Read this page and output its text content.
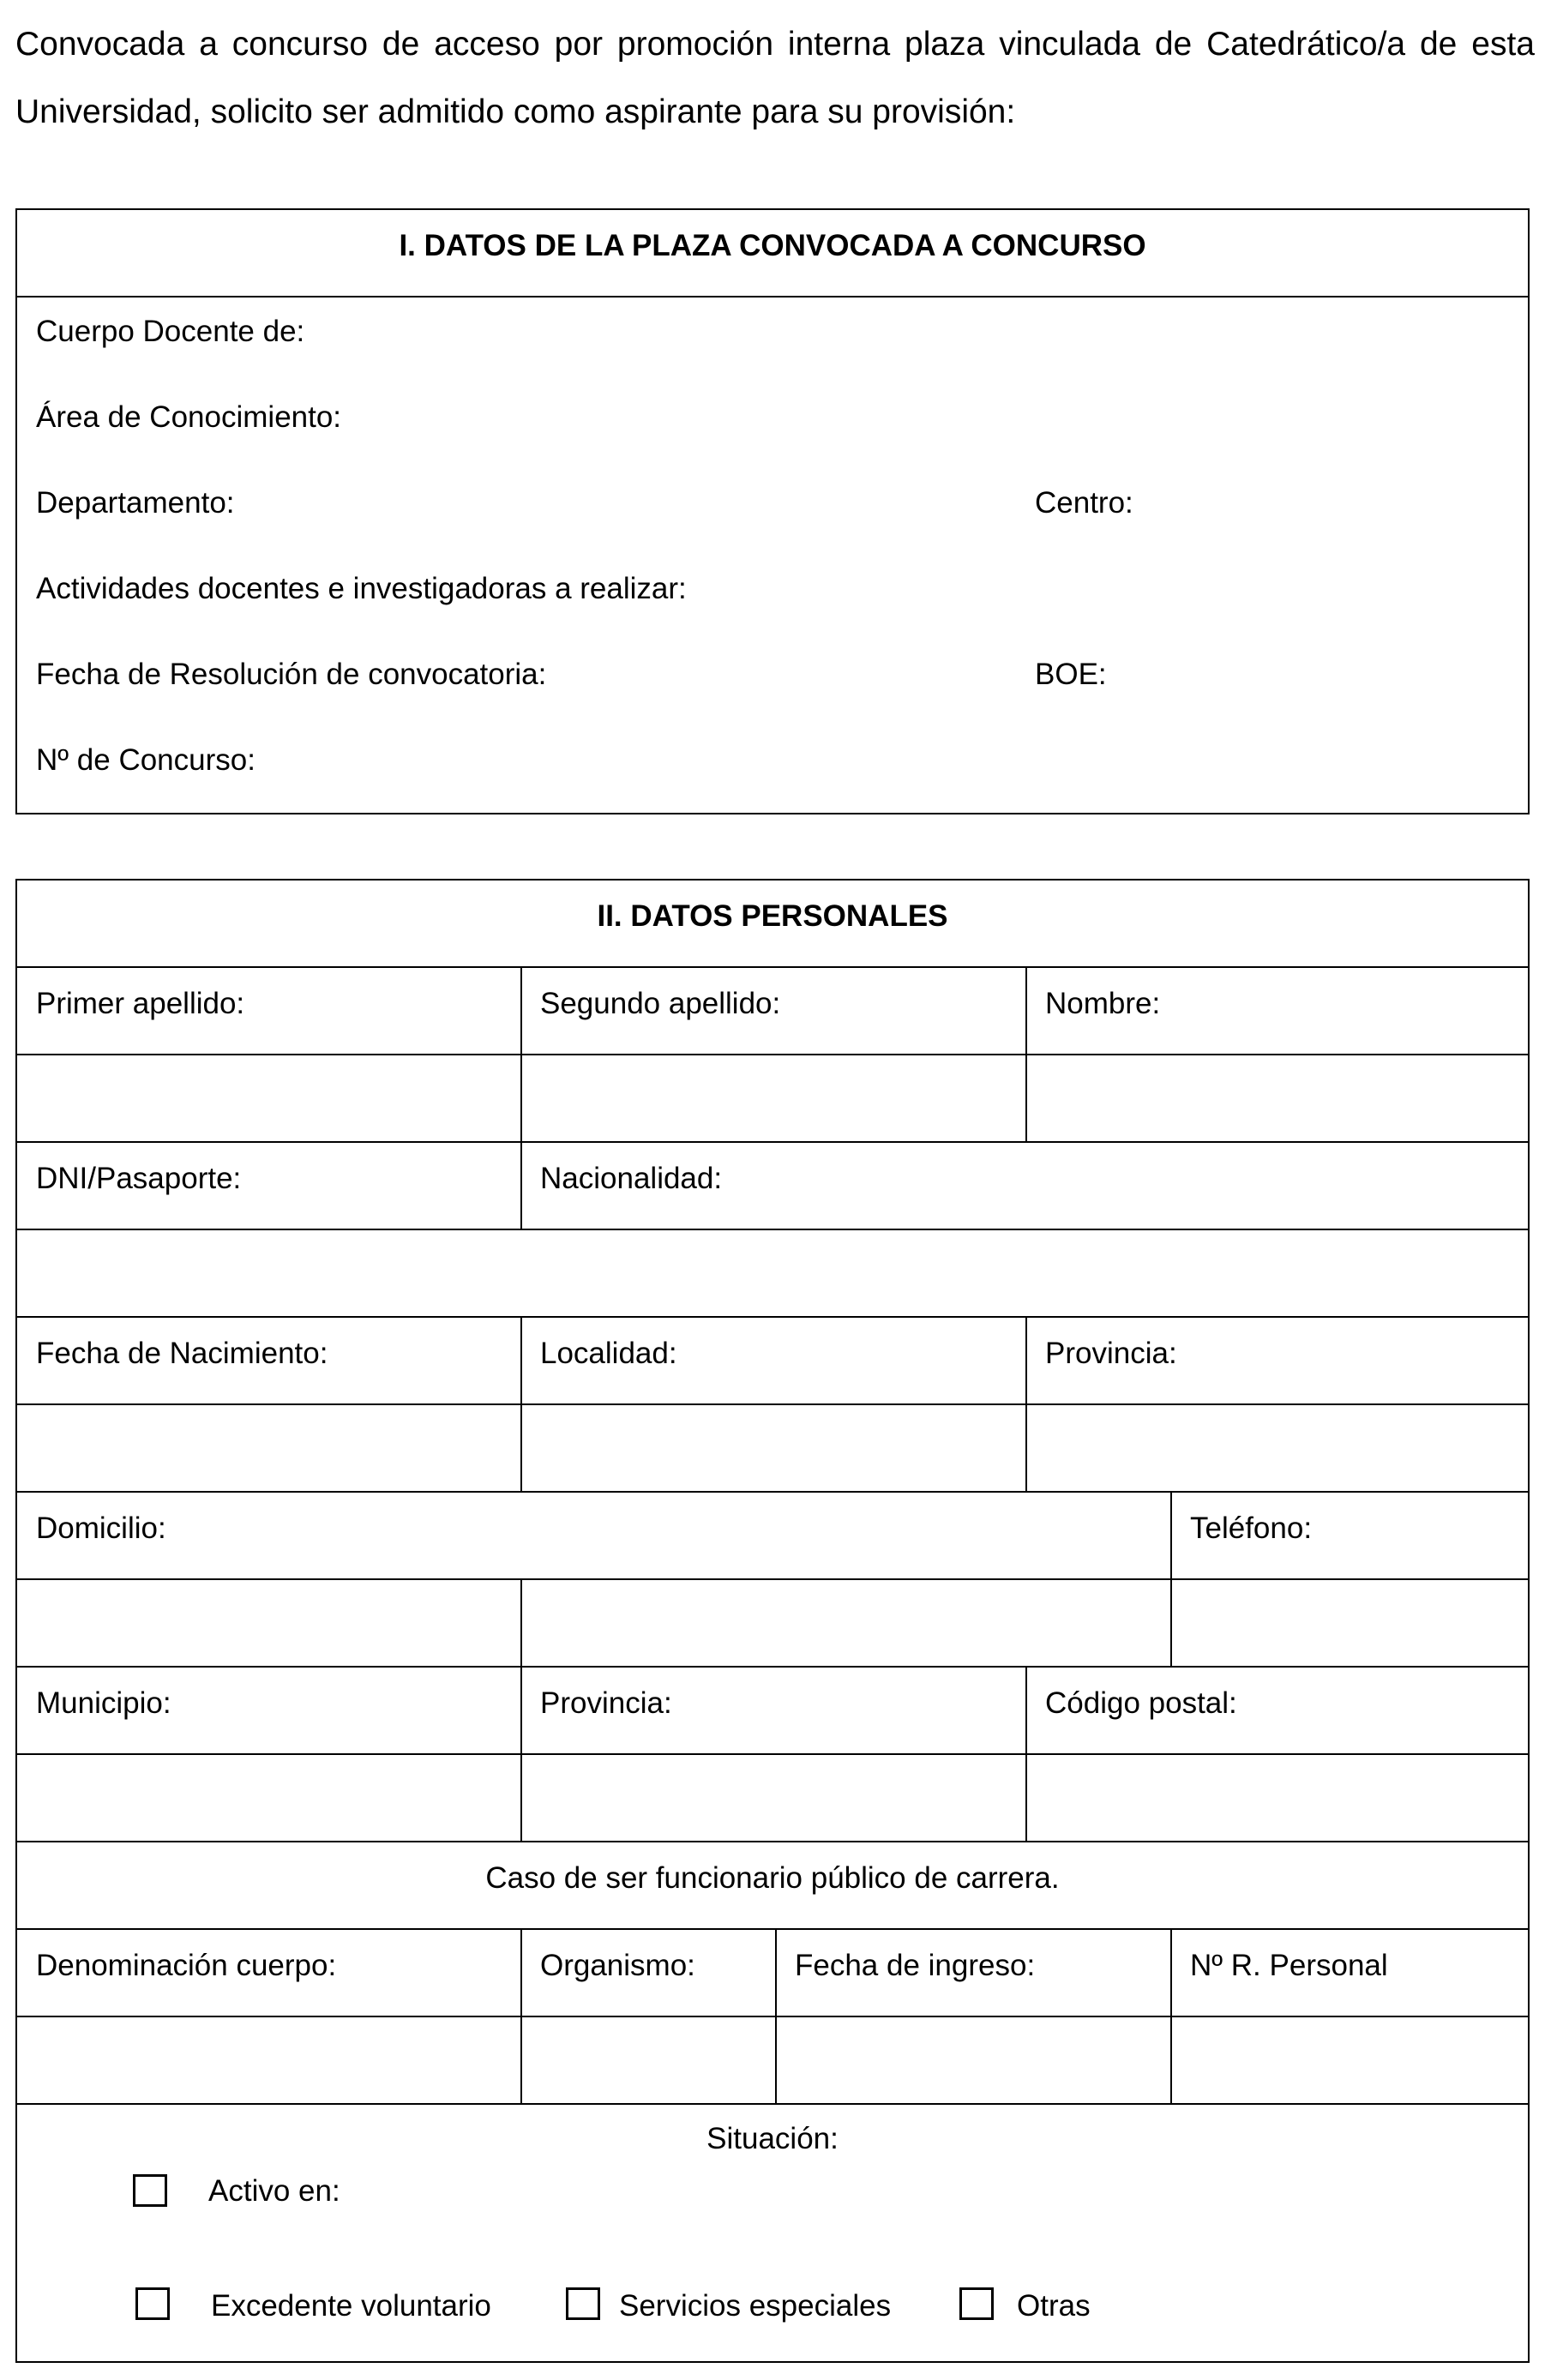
Convocada a concurso de acceso por promoción interna plaza vinculada de Catedrático/a de esta Universidad, solicito ser admitido como aspirante para su provisión:
I. DATOS DE LA PLAZA CONVOCADA A CONCURSO
Cuerpo Docente de:
Área de Conocimiento:
Departamento:	Centro:
Actividades docentes e investigadoras a realizar:
Fecha de Resolución de convocatoria:	BOE:
Nº de Concurso:
II. DATOS PERSONALES
Primer apellido:	Segundo apellido:	Nombre:
DNI/Pasaporte:	Nacionalidad:
Fecha de Nacimiento:	Localidad:	Provincia:
Domicilio:	Teléfono:
Municipio:	Provincia:	Código postal:
Caso de ser funcionario público de carrera.
Denominación cuerpo:	Organismo:	Fecha de ingreso:	Nº R. Personal
Situación:
Activo en:
Excedente voluntario	Servicios especiales	Otras
